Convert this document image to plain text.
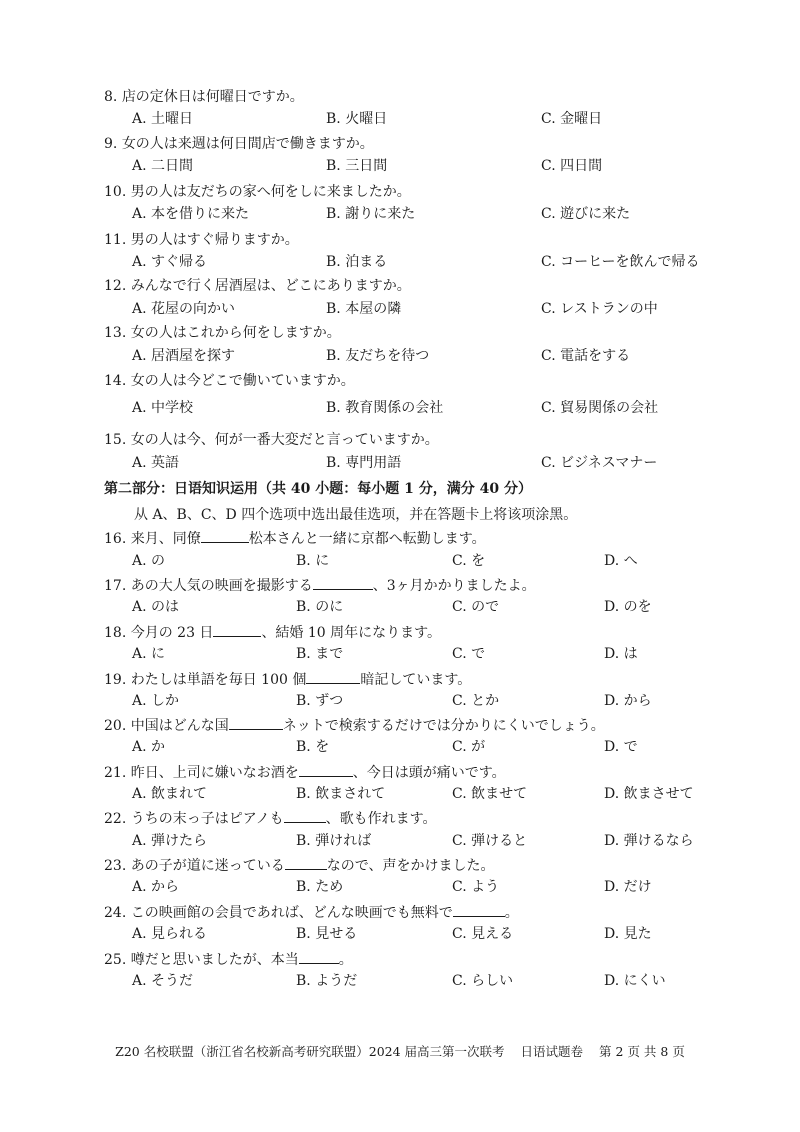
8. 店の定休日は何曜日ですか。
A. 土曜日	B. 火曜日	C. 金曜日
9. 女の人は来週は何日間店で働きますか。
A. 二日間	B. 三日間	C. 四日間
10. 男の人は友だちの家へ何をしに来ましたか。
A. 本を借りに来た	B. 謝りに来た	C. 遊びに来た
11. 男の人はすぐ帰りますか。
A. すぐ帰る	B. 泊まる	C. コーヒーを飲んで帰る
12. みんなで行く居酒屋は、どこにありますか。
A. 花屋の向かい	B. 本屋の隣	C. レストランの中
13. 女の人はこれから何をしますか。
A. 居酒屋を探す	B. 友だちを待つ	C. 電話をする
14. 女の人は今どこで働いていますか。
A. 中学校	B. 教育関係の会社	C. 貿易関係の会社
15. 女の人は今、何が一番大変だと言っていますか。
A. 英語	B. 専門用語	C. ビジネスマナー
第二部分：日语知识运用（共 40 小题：每小题 1 分，满分 40 分）
从 A、B、C、D 四个选项中选出最佳选项，并在答题卡上将该项涂黑。
16. 来月、同僚	松本さんと一緒に京都へ転勤します。
A. の	B. に	C. を	D. へ
17. あの大人気の映画を撮影する	、3ヶ月かかりましたよ。
A. のは	B. のに	C. ので	D. のを
18. 今月の 23 日	、結婚 10 周年になります。
A. に	B. まで	C. で	D. は
19. わたしは単語を毎日 100 個	暗記しています。
A. しか	B. ずつ	C. とか	D. から
20. 中国はどんな国	ネットで検索するだけでは分かりにくいでしょう。
A. か	B. を	C. が	D. で
21. 昨日、上司に嫌いなお酒を	、今日は頭が痛いです。
A. 飲まれて	B. 飲まされて	C. 飲ませて	D. 飲まさせて
22. うちの末っ子はピアノも	、歌も作れます。
A. 弾けたら	B. 弾ければ	C. 弾けると	D. 弾けるなら
23. あの子が道に迷っている	なので、声をかけました。
A. から	B. ため	C. よう	D. だけ
24. この映画館の会員であれば、どんな映画でも無料で	。
A. 見られる	B. 見せる	C. 見える	D. 見た
25. 噂だと思いましたが、本当	。
A. そうだ	B. ようだ	C. らしい	D. にくい
Z20 名校联盟（浙江省名校新高考研究联盟）2024 届高三第一次联考 日语试题卷 第 2 页 共 8 页
